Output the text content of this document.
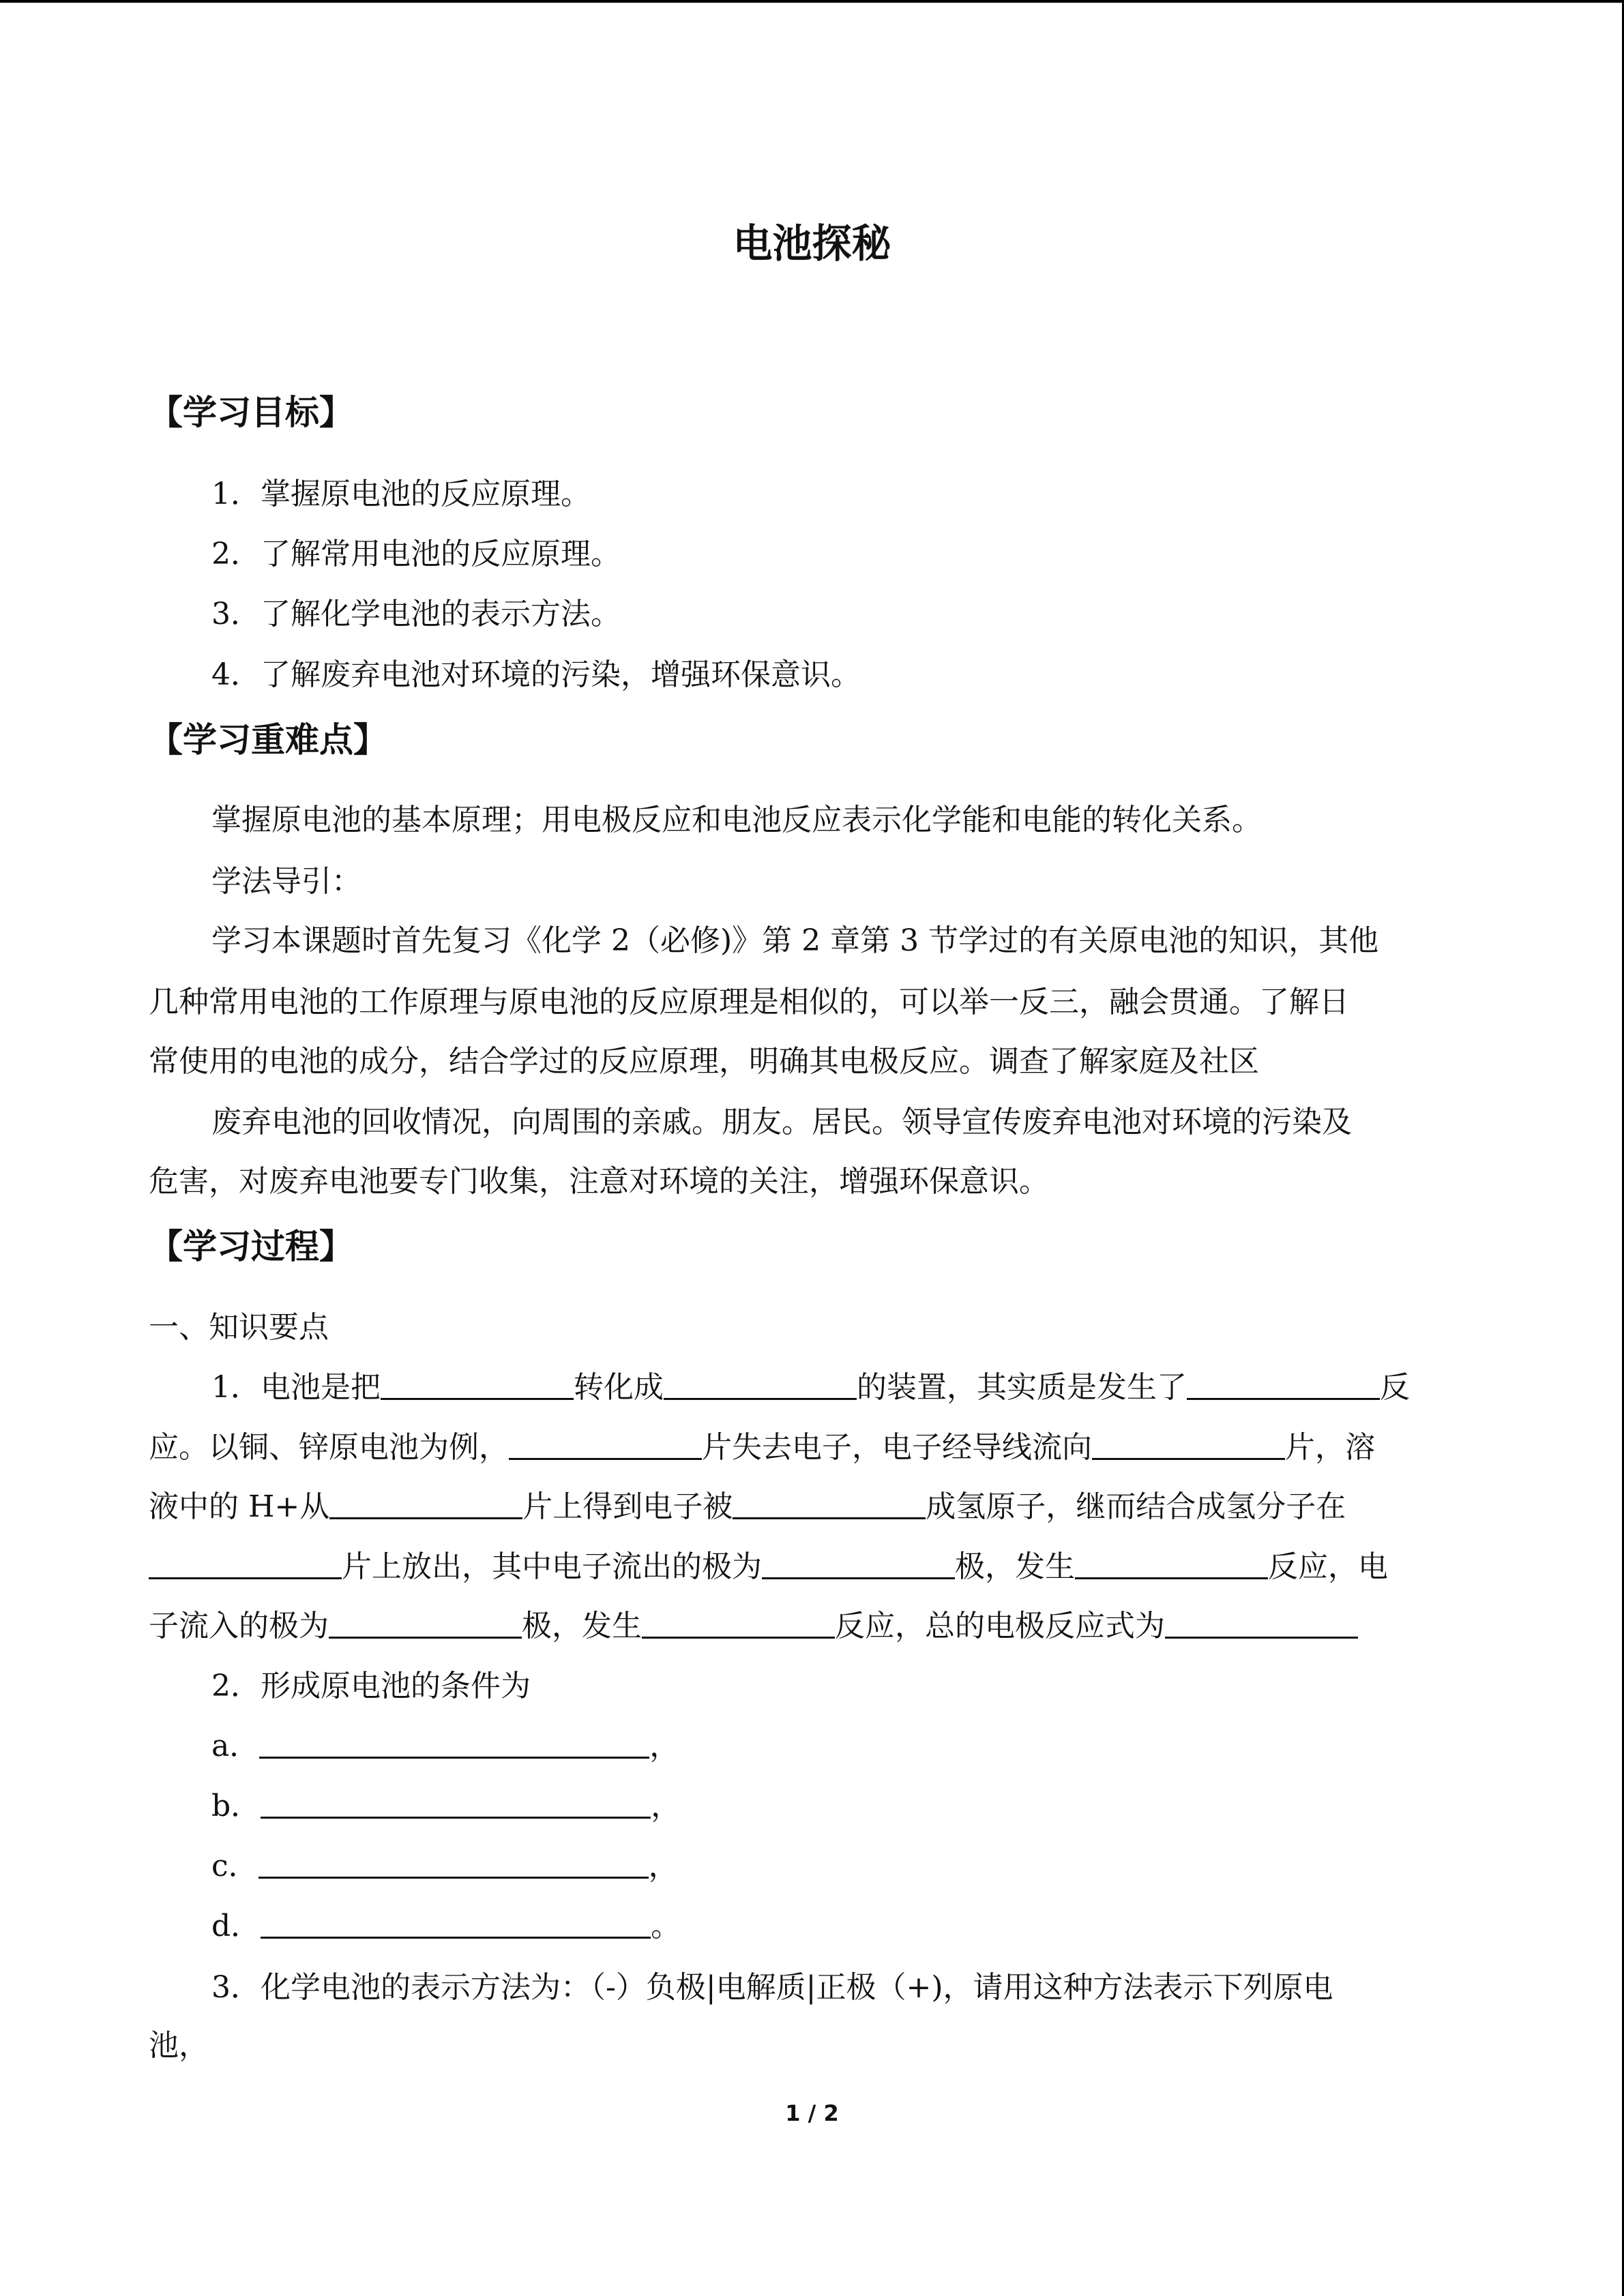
电池探秘
【学习目标】
1．掌握原电池的反应原理。
2．了解常用电池的反应原理。
3．了解化学电池的表示方法。
4．了解废弃电池对环境的污染，增强环保意识。
【学习重难点】
掌握原电池的基本原理；用电极反应和电池反应表示化学能和电能的转化关系。
学法导引：
学习本课题时首先复习《化学 2（必修)》第 2 章第 3 节学过的有关原电池的知识，其他
几种常用电池的工作原理与原电池的反应原理是相似的，可以举一反三，融会贯通。了解日
常使用的电池的成分，结合学过的反应原理，明确其电极反应。调查了解家庭及社区
废弃电池的回收情况，向周围的亲戚。朋友。居民。领导宣传废弃电池对环境的污染及
危害，对废弃电池要专门收集，注意对环境的关注，增强环保意识。
【学习过程】
一、知识要点
1．电池是把	转化成	的装置，其实质是发生了	反
应。以铜、锌原电池为例，	片失去电子，电子经导线流向	片，溶
液中的 H+从	片上得到电子被	成氢原子，继而结合成氢分子在
片上放出，其中电子流出的极为	极，发生	反应，电
子流入的极为	极，发生	反应，总的电极反应式为
2．形成原电池的条件为
a．	，
b．	，
c．	，
d．	。
3．化学电池的表示方法为：（-）负极|电解质|正极（+)，请用这种方法表示下列原电
池，
1 / 2
